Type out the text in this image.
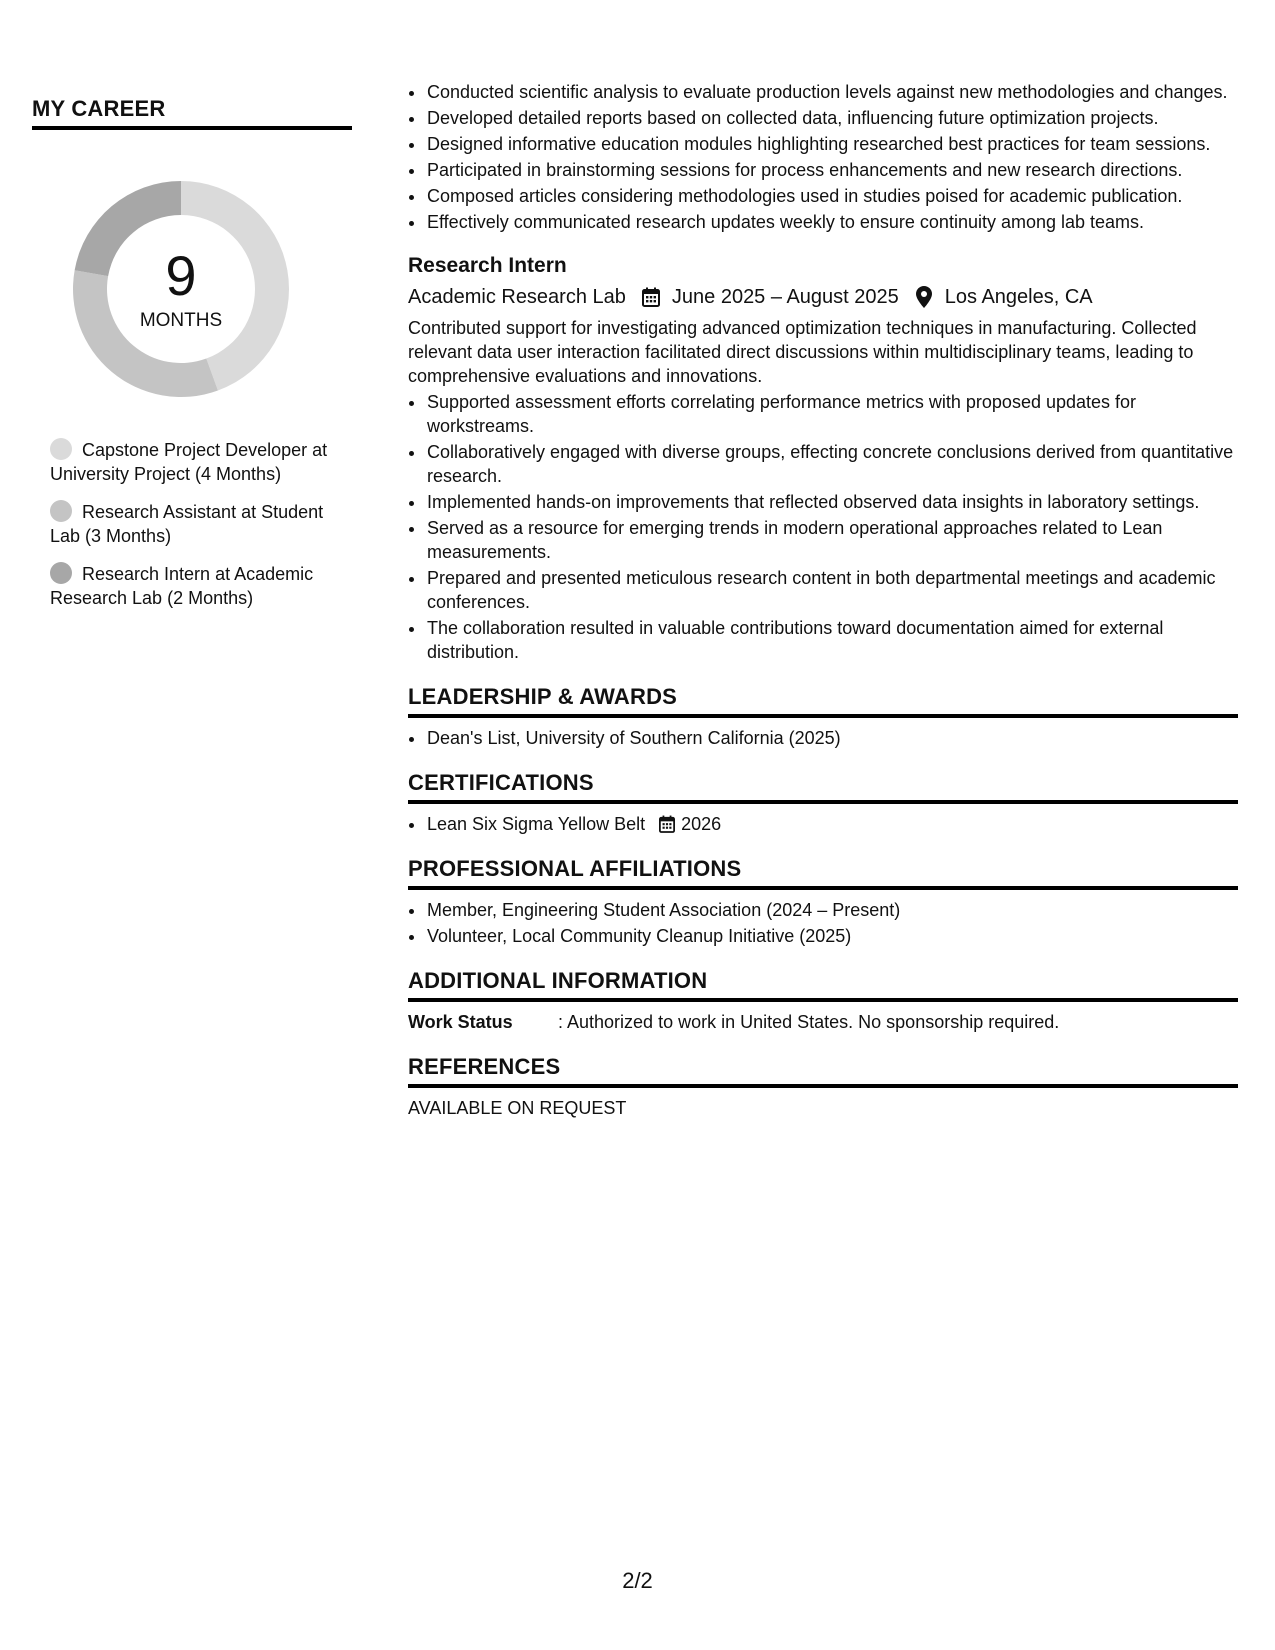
MY CAREER
9
MONTHS
Capstone Project Developer at University Project (4 Months)
Research Assistant at Student Lab (3 Months)
Research Intern at Academic Research Lab (2 Months)
• Conducted scientific analysis to evaluate production levels against new methodologies and changes.
• Developed detailed reports based on collected data, influencing future optimization projects.
• Designed informative education modules highlighting researched best practices for team sessions.
• Participated in brainstorming sessions for process enhancements and new research directions.
• Composed articles considering methodologies used in studies poised for academic publication.
• Effectively communicated research updates weekly to ensure continuity among lab teams.
Research Intern
Academic Research Lab June 2025 – August 2025 Los Angeles, CA
Contributed support for investigating advanced optimization techniques in manufacturing. Collected relevant data user interaction facilitated direct discussions within multidisciplinary teams, leading to comprehensive evaluations and innovations.
• Supported assessment efforts correlating performance metrics with proposed updates for workstreams.
• Collaboratively engaged with diverse groups, effecting concrete conclusions derived from quantitative research.
• Implemented hands-on improvements that reflected observed data insights in laboratory settings.
• Served as a resource for emerging trends in modern operational approaches related to Lean measurements.
• Prepared and presented meticulous research content in both departmental meetings and academic conferences.
• The collaboration resulted in valuable contributions toward documentation aimed for external distribution.
LEADERSHIP & AWARDS
• Dean's List, University of Southern California (2025)
CERTIFICATIONS
• Lean Six Sigma Yellow Belt 2026
PROFESSIONAL AFFILIATIONS
• Member, Engineering Student Association (2024 – Present)
• Volunteer, Local Community Cleanup Initiative (2025)
ADDITIONAL INFORMATION
Work Status	: Authorized to work in United States. No sponsorship required.
REFERENCES
AVAILABLE ON REQUEST
2/2
